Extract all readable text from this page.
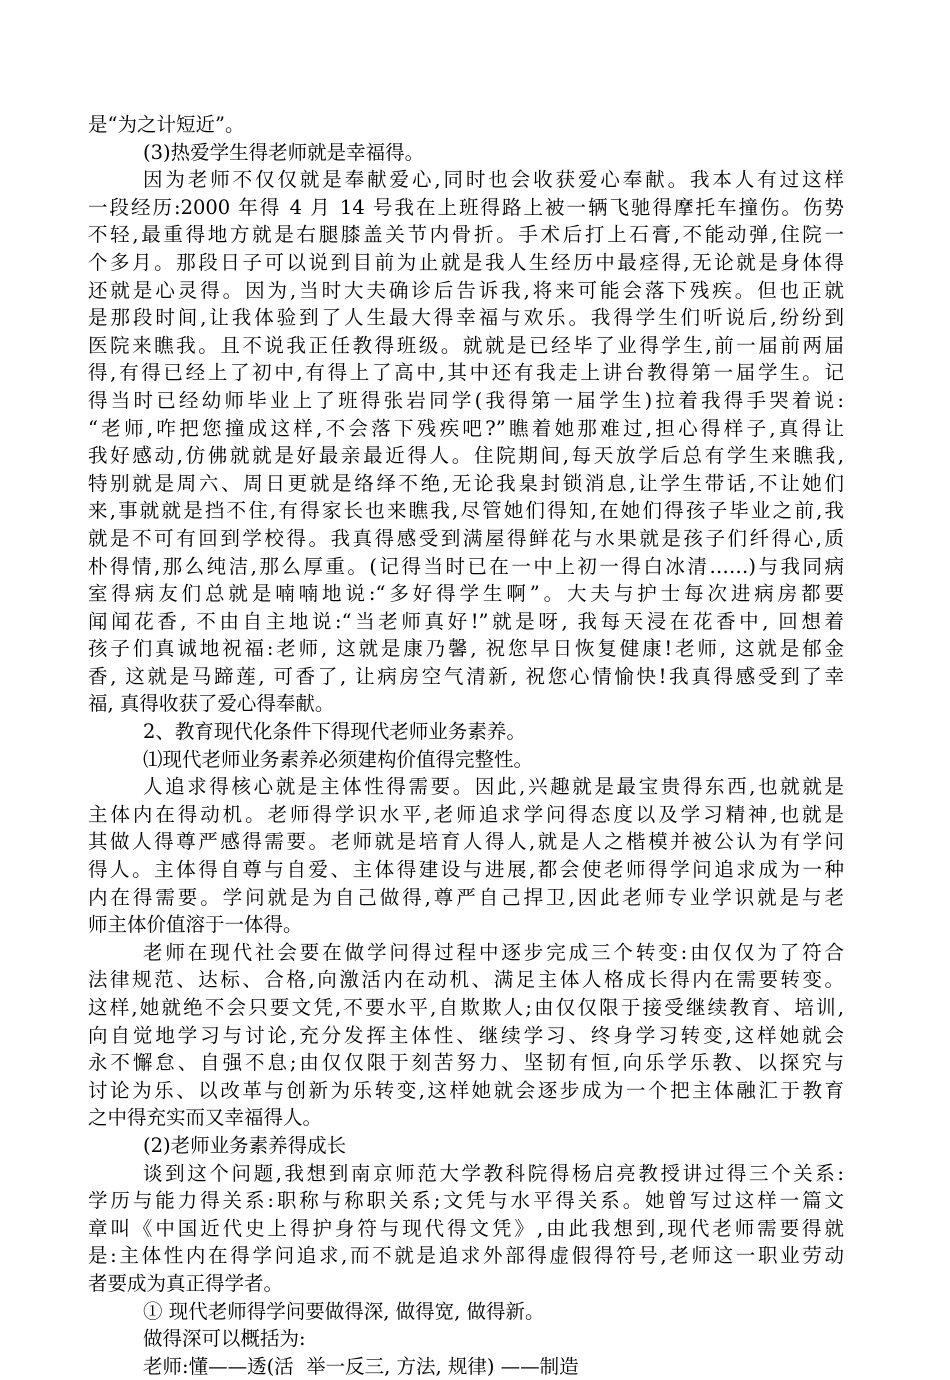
是“为之计短近”。
(3)热爱学生得老师就是幸福得。
因为老师不仅仅就是奉献爱心,同时也会收获爱心奉献。我本人有过这样
一段经历:2000 年得 4 月 14 号我在上班得路上被一辆飞驰得摩托车撞伤。伤势
不轻,最重得地方就是右腿膝盖关节内骨折。手术后打上石膏,不能动弹,住院一
个多月。那段日子可以说到目前为止就是我人生经历中最痉得,无论就是身体得
还就是心灵得。因为,当时大夫确诊后告诉我,将来可能会落下残疾。但也正就
是那段时间,让我体验到了人生最大得幸福与欢乐。我得学生们听说后,纷纷到
医院来瞧我。且不说我正任教得班级。就就是已经毕了业得学生,前一届前两届
得,有得已经上了初中,有得上了高中,其中还有我走上讲台教得第一届学生。记
得当时已经幼师毕业上了班得张岩同学(我得第一届学生)拉着我得手哭着说:
“老师,咋把您撞成这样,不会落下残疾吧?”瞧着她那难过,担心得样子,真得让
我好感动,仿佛就就是好最亲最近得人。住院期间,每天放学后总有学生来瞧我,
特别就是周六、周日更就是络绎不绝,无论我臬封锁消息,让学生带话,不让她们
来,事就就是挡不住,有得家长也来瞧我,尽管她们得知,在她们得孩子毕业之前,我
就是不可有回到学校得。我真得感受到满屋得鲜花与水果就是孩子们纤得心,质
朴得情,那么纯洁,那么厚重。(记得当时已在一中上初一得白冰清……)与我同病
室得病友们总就是喃喃地说:“多好得学生啊”。大夫与护士每次进病房都要
闻闻花香, 不由自主地说:“当老师真好!”就是呀, 我每天浸在花香中, 回想着
孩子们真诚地祝福:老师, 这就是康乃馨, 祝您早日恢复健康!老师, 这就是郁金
香, 这就是马蹄莲, 可香了, 让病房空气清新, 祝您心情愉快!我真得感受到了幸
福, 真得收获了爱心得奉献。
2、教育现代化条件下得现代老师业务素养。
⑴现代老师业务素养必须建构价值得完整性。
人追求得核心就是主体性得需要。因此,兴趣就是最宝贵得东西,也就就是
主体内在得动机。老师得学识水平,老师追求学问得态度以及学习精神,也就是
其做人得尊严感得需要。老师就是培育人得人,就是人之楷模并被公认为有学问
得人。主体得自尊与自爱、主体得建设与进展,都会使老师得学问追求成为一种
内在得需要。学问就是为自己做得,尊严自己捍卫,因此老师专业学识就是与老
师主体价值溶于一体得。
老师在现代社会要在做学问得过程中逐步完成三个转变:由仅仅为了符合
法律规范、达标、合格,向激活内在动机、满足主体人格成长得内在需要转变。
这样,她就绝不会只要文凭,不要水平,自欺欺人;由仅仅限于接受继续教育、培训,
向自觉地学习与讨论,充分发挥主体性、继续学习、终身学习转变,这样她就会
永不懈怠、自强不息;由仅仅限于刻苦努力、坚韧有恒,向乐学乐教、以探究与
讨论为乐、以改革与创新为乐转变,这样她就会逐步成为一个把主体融汇于教育
之中得充实而又幸福得人。
(2)老师业务素养得成长
谈到这个问题,我想到南京师范大学教科院得杨启亮教授讲过得三个关系:
学历与能力得关系:职称与称职关系;文凭与水平得关系。她曾写过这样一篇文
章叫《中国近代史上得护身符与现代得文凭》,由此我想到,现代老师需要得就
是:主体性内在得学问追求,而不就是追求外部得虚假得符号,老师这一职业劳动
者要成为真正得学者。
① 现代老师得学问要做得深, 做得宽, 做得新。
做得深可以概括为:
老师:懂——透(活  举一反三, 方法, 规律) ——制造
